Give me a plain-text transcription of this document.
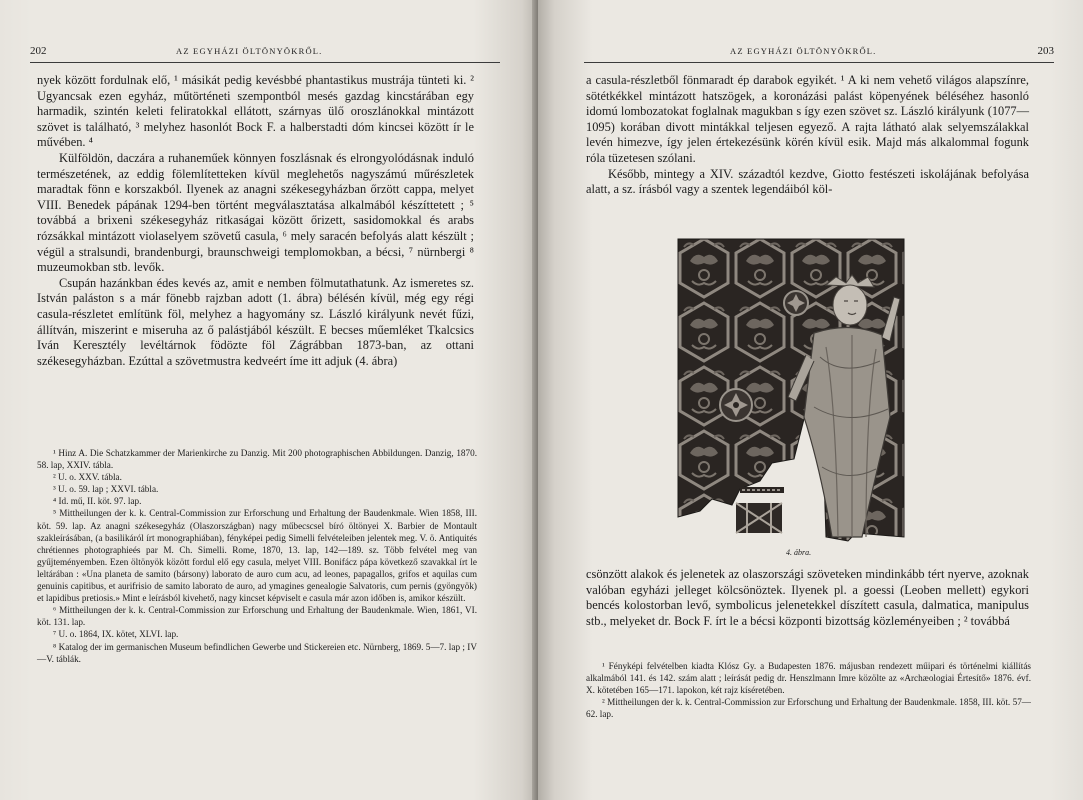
202	AZ EGYHÁZI ÖLTÖNYÖKRŐL.

nyek között fordulnak elő, ¹ másikát pedig kevésbbé phantastikus mustrája tünteti ki. ² Ugyancsak ezen egyház, műtörténeti szempontból mesés gazdag kincstárában egy harmadik, szintén keleti feliratokkal ellátott, szárnyas ülő oroszlánokkal mintázott szövet is található, ³ melyhez hasonlót Bock F. a halberstadti dóm kincsei között ír le művében. ⁴

Külföldön, daczára a ruhaneműek könnyen foszlásnak és elrongyolódásnak induló természetének, az eddig fölemlítetteken kívül meglehetős nagyszámú műrészletek maradtak fönn e korszakból. Ilyenek az anagni székesegyházban őrzött cappa, melyet VIII. Benedek pápának 1294-ben történt megválasztatása alkalmából készíttetett ; ⁵ továbbá a brixeni székesegyház ritkaságai között őrizett, sasidomokkal és arabs rózsákkal mintázott violaselyem szövetű casula, ⁶ mely saracén befolyás alatt készült ; végül a stralsundi, brandenburgi, braunschweigi templomokban, a bécsi, ⁷ nürnbergi ⁸ muzeumokban stb. levők.

Csupán hazánkban édes kevés az, amit e nemben fölmutathatunk. Az ismeretes sz. István paláston s a már fönebb rajzban adott (1. ábra) bélésén kívül, még egy régi casula-részletet említünk föl, melyhez a hagyomány sz. László királyunk nevét fűzi, állítván, miszerint e miseruha az ő palástjából készült. E becses műemléket Tkalcsics Iván Keresztély levéltárnok födözte föl Zágrábban 1873-ban, az ottani székesegyházban. Ezúttal a szövetmustra kedveért íme itt adjuk (4. ábra)

¹ Hinz A. Die Schatzkammer der Marienkirche zu Danzig. Mit 200 photographischen Abbildungen. Danzig, 1870. 58. lap, XXIV. tábla.

² U. o. XXV. tábla.

³ U. o. 59. lap ; XXVI. tábla.

⁴ Id. mű, II. köt. 97. lap.

⁵ Mittheilungen der k. k. Central-Commission zur Erforschung und Erhaltung der Baudenkmale. Wien 1858, III. köt. 59. lap. Az anagni székesegyház (Olaszországban) nagy műbecscsel bíró öltönyei X. Barbier de Montault szakleírásában, (a basilikáról írt monographiában), fényképei pedig Simelli felvételeiben jelentek meg. V. ö. Antiquités chrétiennes photographieés par M. Ch. Simelli. Rome, 1870, 13. lap, 142—189. sz. Több felvétel meg van gyűjteményemben. Ezen öltönyök között fordul elő egy casula, melyet VIII. Bonifácz pápa következő szavakkal írt le leltárában : «Una planeta de samito (bársony) laborato de auro cum acu, ad leones, papagallos, grifos et aquilas cum genuinis capitibus, et aurifrisio de samito laborato de auro, ad ymagines genealogie Salvatoris, cum pernis (gyöngyök) et lapidibus pretiosis.» Mint e leírásból kivehető, nagy kincset képviselt e casula már azon időben is, amikor készült.

⁶ Mittheilungen der k. k. Central-Commission zur Erforschung und Erhaltung der Baudenkmale. Wien, 1861, VI. köt. 131. lap.

⁷ U. o. 1864, IX. kötet, XLVI. lap.

⁸ Katalog der im germanischen Museum befindlichen Gewerbe und Stickereien etc. Nürnberg, 1869. 5—7. lap ; IV—V. táblák.

AZ EGYHÁZI ÖLTÖNYÖKRŐL.	203

a casula-részletből fönmaradt ép darabok egyikét. ¹ A ki nem vehető világos alapszínre, sötétkékkel mintázott hatszögek, a koronázási palást köpenyének béléséhez hasonló idomú lombozatokat foglalnak magukban s így ezen szövet sz. László királyunk (1077—1095) korában divott mintákkal teljesen egyező. A rajta látható alak selyemszálakkal levén himezve, így jelen értekezésünk körén kívül esik. Majd más alkalommal fogunk róla tüzetesen szólani.

Később, mintegy a XIV. századtól kezdve, Giotto festészeti iskolájának befolyása alatt, a sz. írásból vagy a szentek legendáiból köl-

4. ábra.

csönzött alakok és jelenetek az olaszországi szöveteken mindinkább tért nyerve, azoknak valóban egyházi jelleget kölcsönöztek. Ilyenek pl. a goessi (Leoben mellett) egykori bencés kolostorban levő, symbolicus jelenetekkel díszített casula, dalmatica, manipulus stb., melyeket dr. Bock F. írt le a bécsi központi bizottság közleményeiben ; ² továbbá

¹ Fényképi felvételben kiadta Klósz Gy. a Budapesten 1876. májusban rendezett műipari és történelmi kiállítás alkalmából 141. és 142. szám alatt ; leírását pedig dr. Henszlmann Imre közölte az «Archæologiai Értesítő» 1876. évf. X. kötetében 165—171. lapokon, két rajz kíséretében.

² Mittheilungen der k. k. Central-Commission zur Erforschung und Erhaltung der Baudenkmale. 1858, III. köt. 57—62. lap.
